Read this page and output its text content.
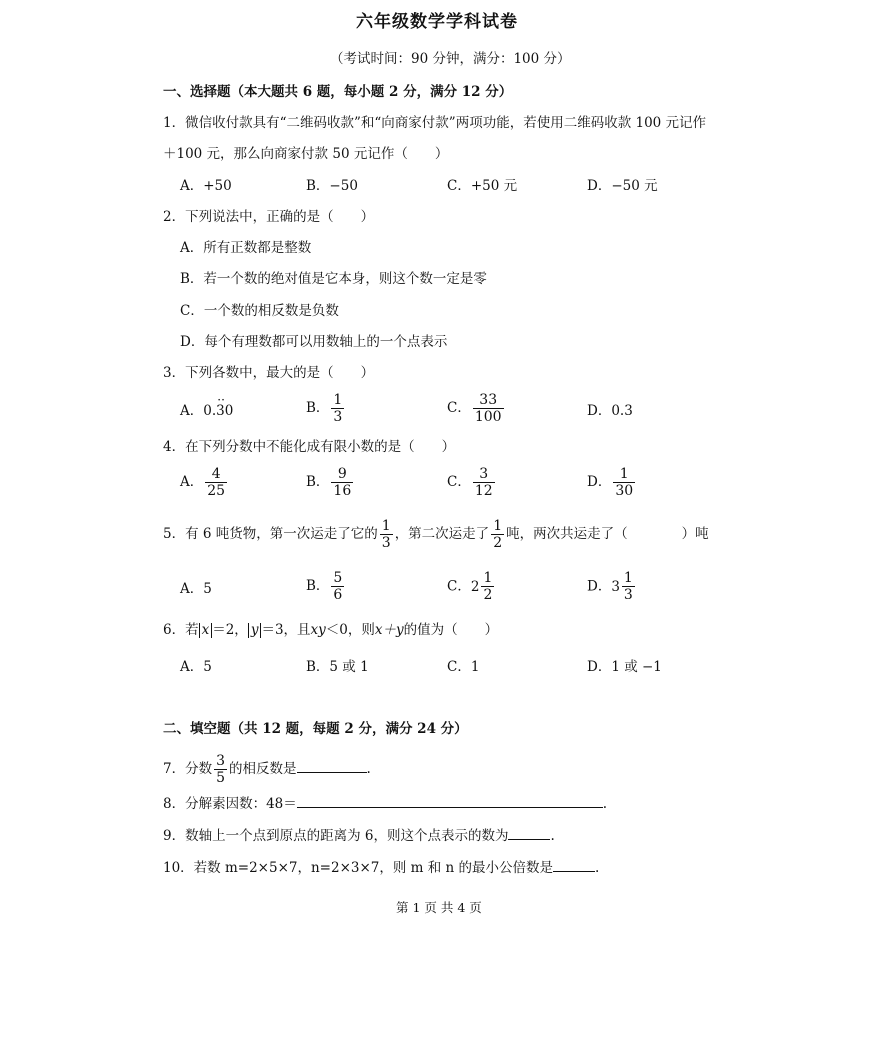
六年级数学学科试卷
（考试时间：90 分钟，满分：100 分）
一、选择题（本大题共 6 题，每小题 2 分，满分 12 分）
1．微信收付款具有“二维码收款”和“向商家付款”两项功能，若使用二维码收款 100 元记作
＋100 元，那么向商家付款 50 元记作（　　）
A．+50	B．−50	C．+50 元	D．−50 元
2．下列说法中，正确的是（　　）
A．所有正数都是整数
B．若一个数的绝对值是它本身，则这个数一定是零
C．一个数的相反数是负数
D．每个有理数都可以用数轴上的一个点表示
3．下列各数中，最大的是（　　）
A．
··
0.30	B． $\frac{1}{3}$	C． $\frac{33}{100}$	D．0.3
4．在下列分数中不能化成有限小数的是（　　）
A． $\frac{4}{25}$	B． $\frac{9}{16}$	C． $\frac{3}{12}$	D． $\frac{1}{30}$
5．有 6 吨货物，第一次运走了它的 $\frac{1}{3}$ ，第二次运走了 $\frac{1}{2}$ 吨，两次共运走了（　　　　）吨
A．5	B． $\frac{5}{6}$	C． $2 \frac{1}{2}$	D． $3 \frac{1}{3}$
6．若 x ＝2， y ＝3，且xy＜0，则x＋y的值为（　　）
A．5	B．5 或 1	C．1	D．1 或 −1
二、填空题（共 12 题，每题 2 分，满分 24 分）
7．分数 $\frac{3}{5}$ 的相反数是	.
8．分解素因数：48＝	.
9．数轴上一个点到原点的距离为 6，则这个点表示的数为	.
10．若数 m=2×5×7，n=2×3×7，则 m 和 n 的最小公倍数是	.
第 1 页 共 4 页
